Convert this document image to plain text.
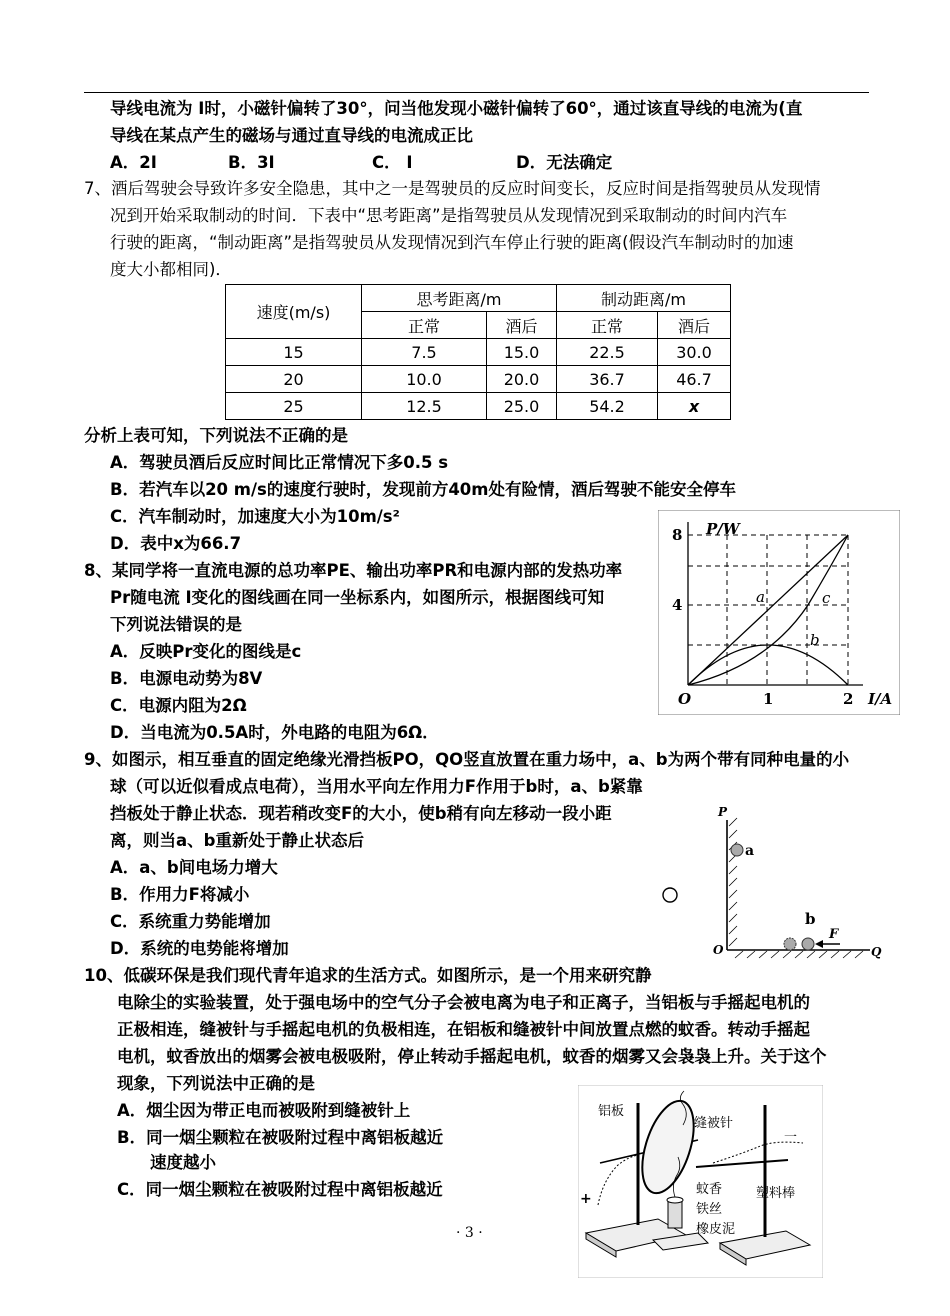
导线电流为 I时，小磁针偏转了30°，问当他发现小磁针偏转了60°，通过该直导线的电流为(直
导线在某点产生的磁场与通过直导线的电流成正比
A．2I	B．3I	C． I	D．无法确定
7、酒后驾驶会导致许多安全隐患，其中之一是驾驶员的反应时间变长，反应时间是指驾驶员从发现情
况到开始采取制动的时间．下表中“思考距离”是指驾驶员从发现情况到采取制动的时间内汽车
行驶的距离，“制动距离”是指驾驶员从发现情况到汽车停止行驶的距离(假设汽车制动时的加速
度大小都相同)．
速度(m/s)	思考距离/m		制动距离/m	
	正常	酒后	正常	酒后
15	7.5	15.0	22.5	30.0
20	10.0	20.0	36.7	46.7
25	12.5	25.0	54.2	x
分析上表可知，下列说法不正确的是
A．驾驶员酒后反应时间比正常情况下多0.5 s
B．若汽车以20 m/s的速度行驶时，发现前方40m处有险情，酒后驾驶不能安全停车
C．汽车制动时，加速度大小为10m/s²
D．表中x为66.7
8、某同学将一直流电源的总功率PE、输出功率PR和电源内部的发热功率
Pr随电流 I变化的图线画在同一坐标系内，如图所示，根据图线可知
下列说法错误的是
A．反映Pr变化的图线是c
B．电源电动势为8V
C．电源内阻为2Ω
D．当电流为0.5A时，外电路的电阻为6Ω．
P/W
8
4
O	1	2 I/A
a
b
c
9、如图示，相互垂直的固定绝缘光滑挡板PO，QO竖直放置在重力场中，a、b为两个带有同种电量的小
球（可以近似看成点电荷），当用水平向左作用力F作用于b时，a、b紧靠
挡板处于静止状态．现若稍改变F的大小，使b稍有向左移动一段小距
离，则当a、b重新处于静止状态后
A．a、b间电场力增大
B．作用力F将减小
C．系统重力势能增加
D．系统的电势能将增加
P
a
b
F
O	Q
10、低碳环保是我们现代青年追求的生活方式。如图所示，是一个用来研究静
电除尘的实验装置，处于强电场中的空气分子会被电离为电子和正离子，当铝板与手摇起电机的
正极相连，缝被针与手摇起电机的负极相连，在铝板和缝被针中间放置点燃的蚊香。转动手摇起
电机，蚊香放出的烟雾会被电极吸附，停止转动手摇起电机，蚊香的烟雾又会袅袅上升。关于这个
现象，下列说法中正确的是
A．烟尘因为带正电而被吸附到缝被针上
B．同一烟尘颗粒在被吸附过程中离铝板越近
速度越小
C．同一烟尘颗粒在被吸附过程中离铝板越近
铝板
缝被针
一
蚊香
铁丝
橡皮泥
塑料棒
+
· 3 ·
